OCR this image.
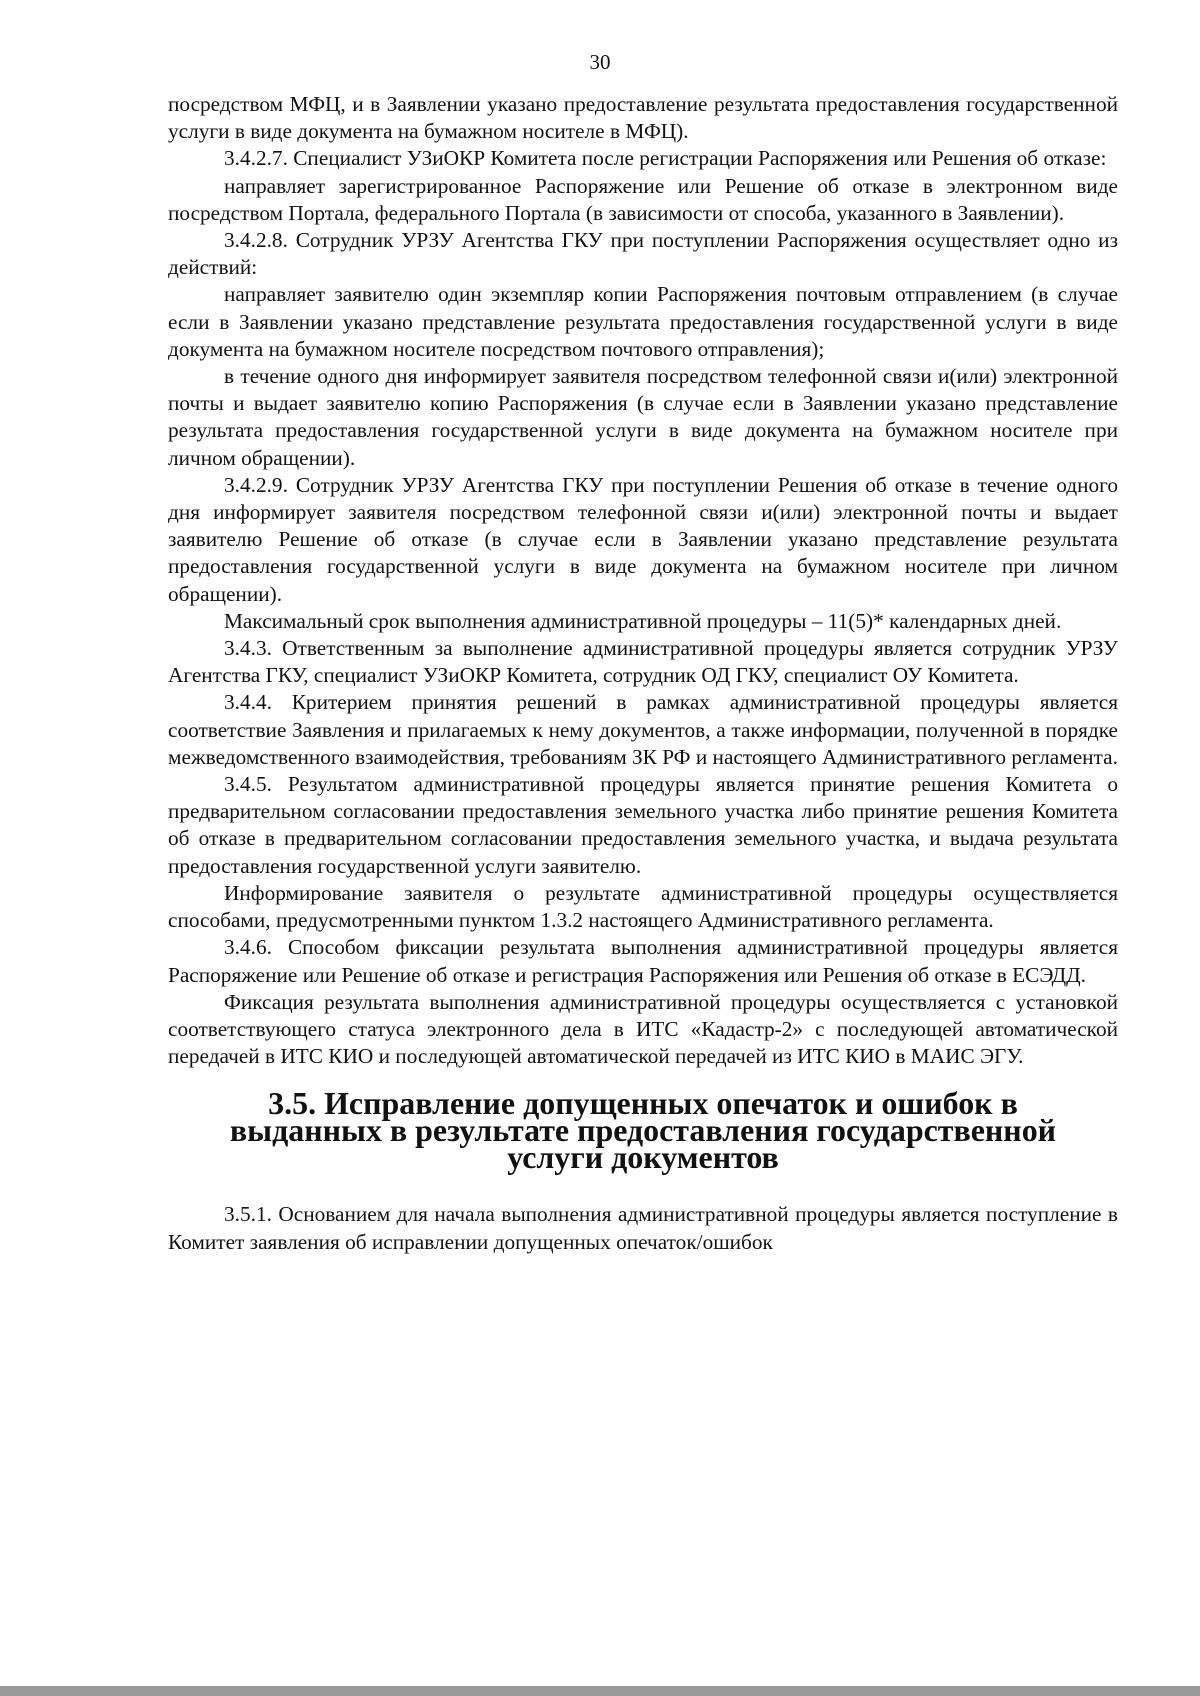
30

посредством МФЦ, и в Заявлении указано предоставление результата предоставления государственной услуги в виде документа на бумажном носителе в МФЦ).

3.4.2.7. Специалист УЗиОКР Комитета после регистрации Распоряжения или Решения об отказе:

направляет зарегистрированное Распоряжение или Решение об отказе в электронном виде посредством Портала, федерального Портала (в зависимости от способа, указанного в Заявлении).

3.4.2.8. Сотрудник УРЗУ Агентства ГКУ при поступлении Распоряжения осуществляет одно из действий:

направляет заявителю один экземпляр копии Распоряжения почтовым отправлением (в случае если в Заявлении указано представление результата предоставления государственной услуги в виде документа на бумажном носителе посредством почтового отправления);

в течение одного дня информирует заявителя посредством телефонной связи и(или) электронной почты и выдает заявителю копию Распоряжения (в случае если в Заявлении указано представление результата предоставления государственной услуги в виде документа на бумажном носителе при личном обращении).

3.4.2.9. Сотрудник УРЗУ Агентства ГКУ при поступлении Решения об отказе в течение одного дня информирует заявителя посредством телефонной связи и(или) электронной почты и выдает заявителю Решение об отказе (в случае если в Заявлении указано представление результата предоставления государственной услуги в виде документа на бумажном носителе при личном обращении).

Максимальный срок выполнения административной процедуры – 11(5)* календарных дней.

3.4.3. Ответственным за выполнение административной процедуры является сотрудник УРЗУ Агентства ГКУ, специалист УЗиОКР Комитета, сотрудник ОД ГКУ, специалист ОУ Комитета.

3.4.4. Критерием принятия решений в рамках административной процедуры является соответствие Заявления и прилагаемых к нему документов, а также информации, полученной в порядке межведомственного взаимодействия, требованиям ЗК РФ и настоящего Административного регламента.

3.4.5. Результатом административной процедуры является принятие решения Комитета о предварительном согласовании предоставления земельного участка либо принятие решения Комитета об отказе в предварительном согласовании предоставления земельного участка, и выдача результата предоставления государственной услуги заявителю.

Информирование заявителя о результате административной процедуры осуществляется способами, предусмотренными пунктом 1.3.2 настоящего Административного регламента.

3.4.6. Способом фиксации результата выполнения административной процедуры является Распоряжение или Решение об отказе и регистрация Распоряжения или Решения об отказе в ЕСЭДД.

Фиксация результата выполнения административной процедуры осуществляется с установкой соответствующего статуса электронного дела в ИТС «Кадастр-2» с последующей автоматической передачей в ИТС КИО и последующей автоматической передачей из ИТС КИО в МАИС ЭГУ.

3.5. Исправление допущенных опечаток и ошибок в выданных в результате предоставления государственной услуги документов

3.5.1. Основанием для начала выполнения административной процедуры является поступление в Комитет заявления об исправлении допущенных опечаток/ошибок
